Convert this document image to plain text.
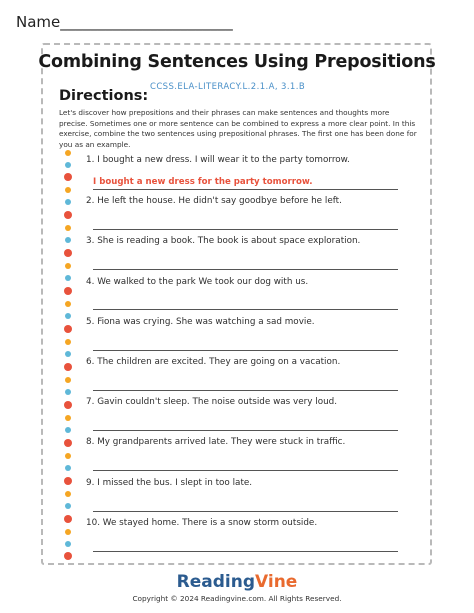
Name_______________________
Combining Sentences Using Prepositions
Directions:
CCSS.ELA-LITERACY.L.2.1.A, 3.1.B

Let's discover how prepositions and their phrases can make sentences and thoughts more precise. Sometimes one or more sentence can be combined to express a more clear point. In this exercise, combine the two sentences using prepositional phrases. The first one has been done for you as an example.

1. I bought a new dress. I will wear it to the party tomorrow.
I bought a new dress for the party tomorrow.
2. He left the house. He didn't say goodbye before he left.
3. She is reading a book. The book is about space exploration.
4. We walked to the park We took our dog with us.
5. Fiona was crying. She was watching a sad movie.
6. The children are excited. They are going on a vacation.
7. Gavin couldn't sleep. The noise outside was very loud.
8. My grandparents arrived late. They were stuck in traffic.
9. I missed the bus. I slept in too late.
10. We stayed home. There is a snow storm outside.
ReadingVine
Copyright © 2024 Readingvine.com. All Rights Reserved.
